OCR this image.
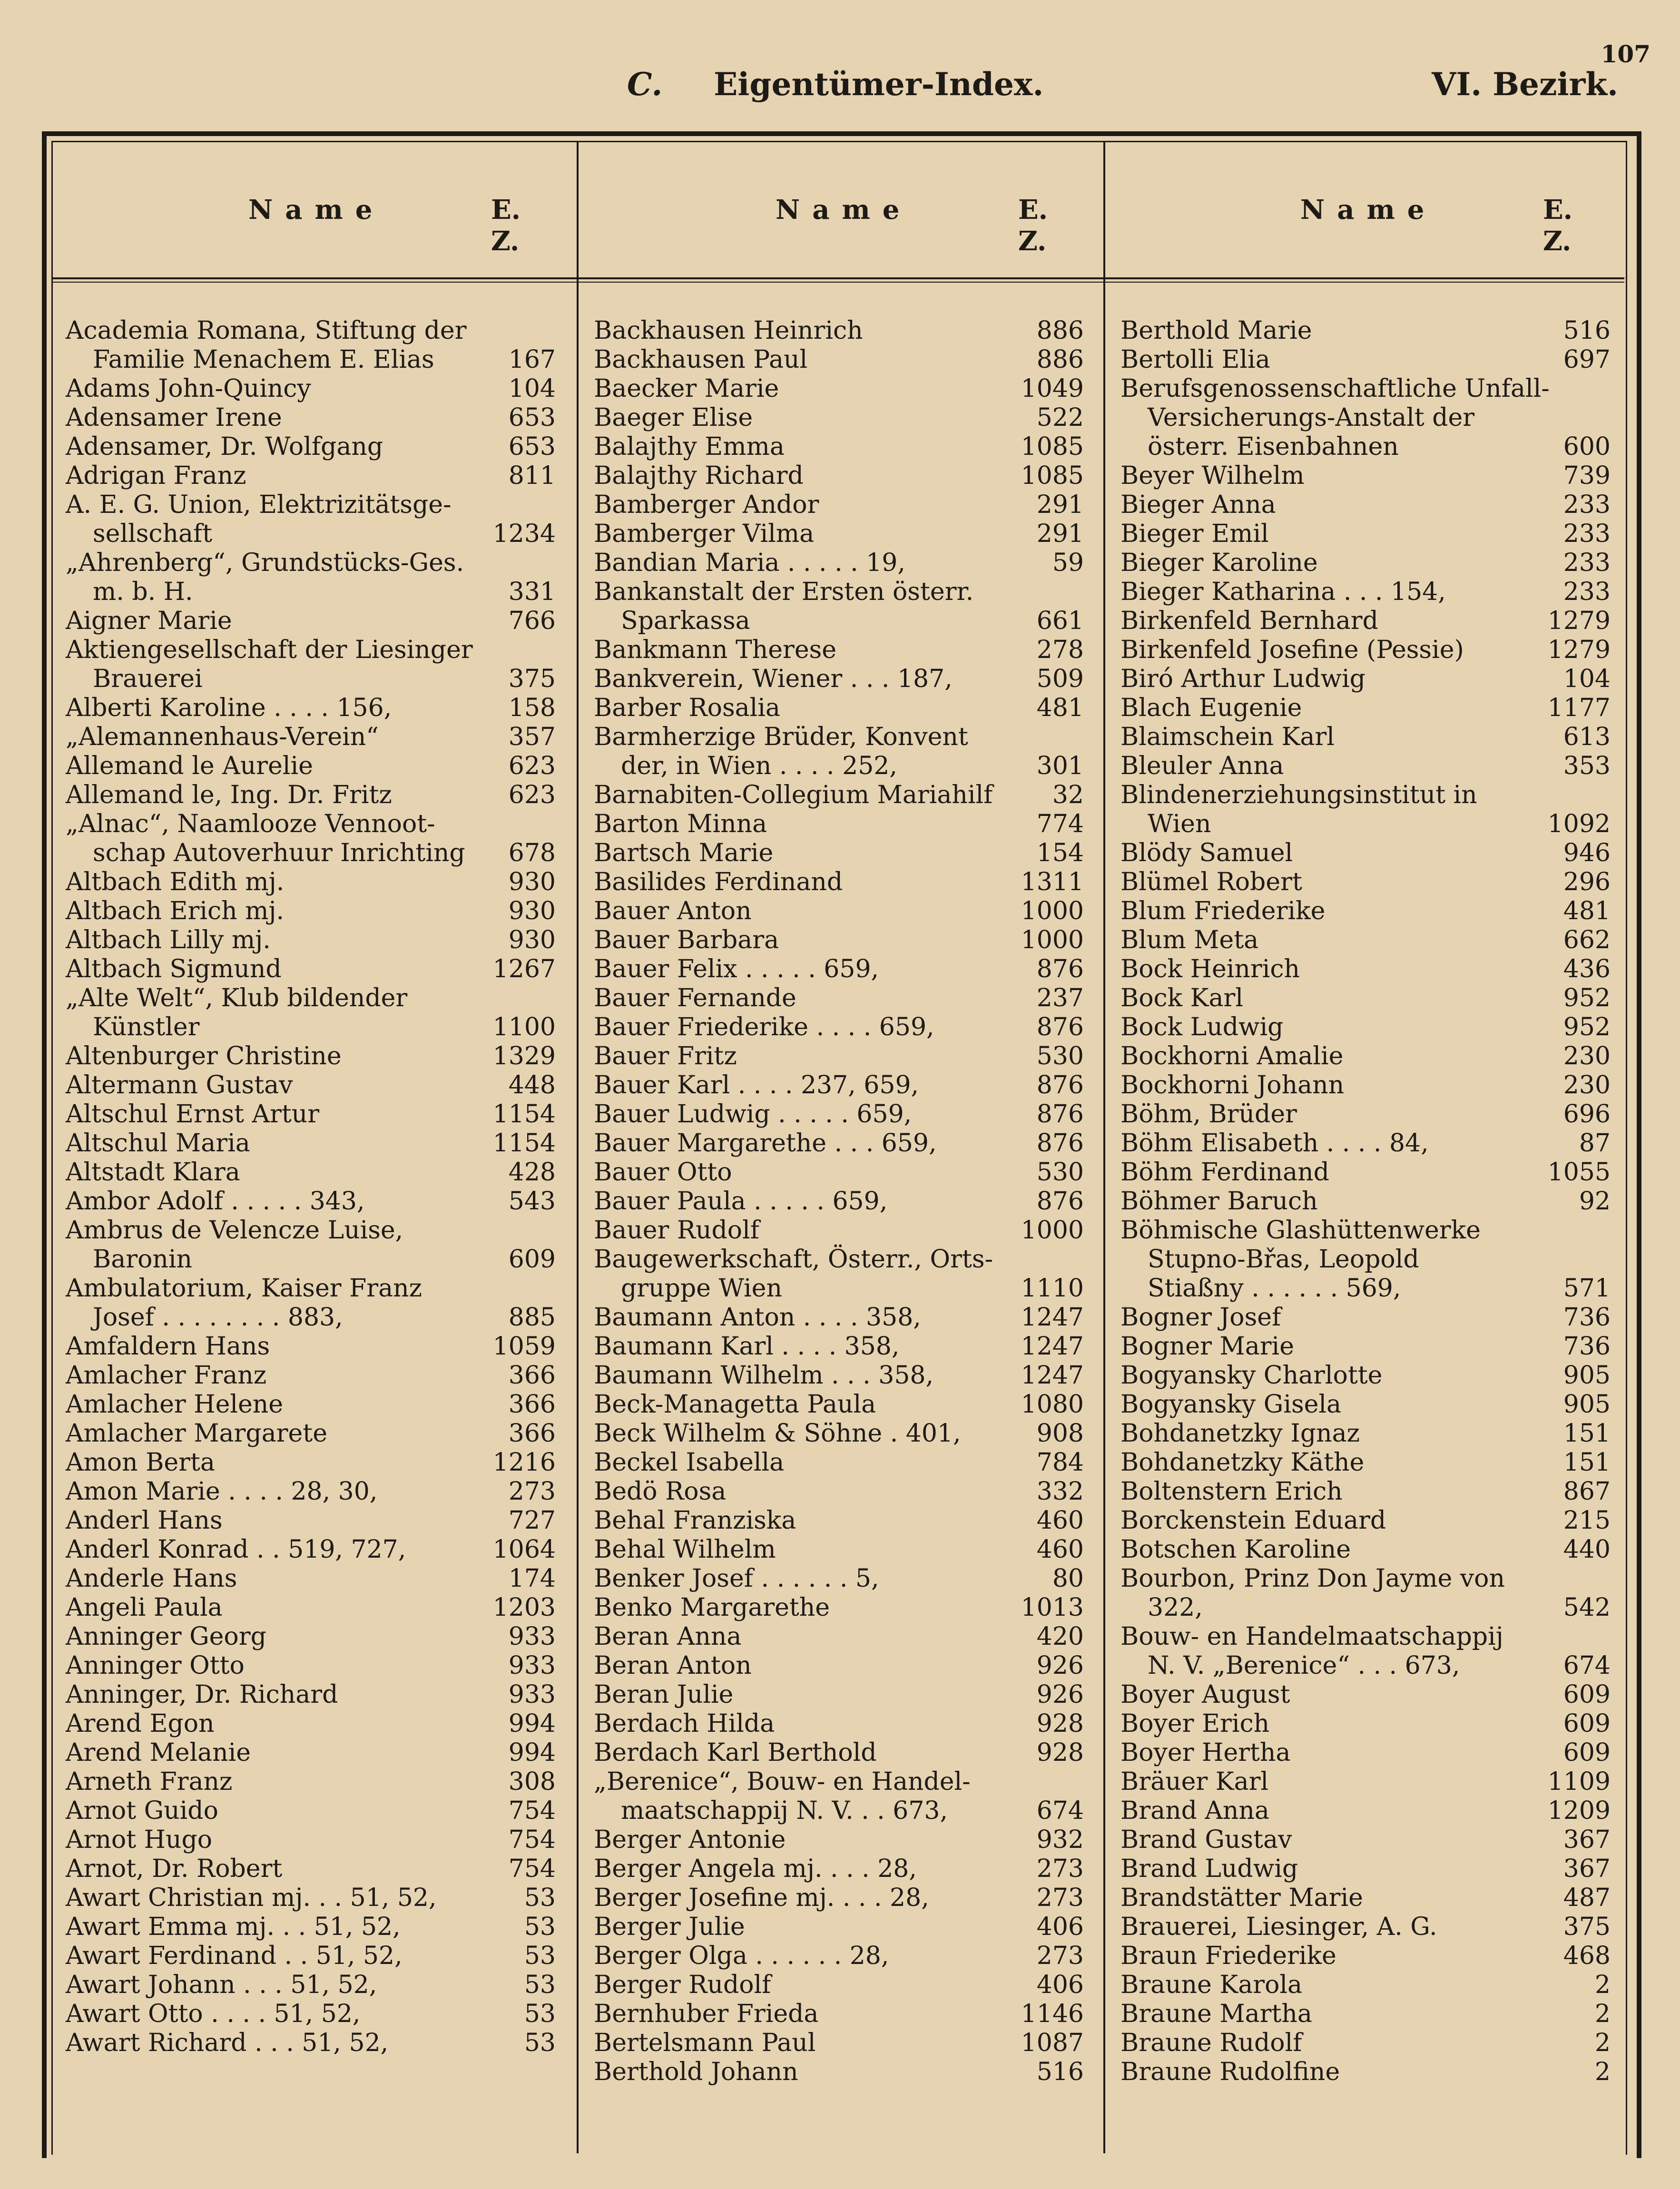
107
C. Eigentümer-Index.	VI. Bezirk.
Name	E. Z.
Name	E. Z.
Name	E. Z.
Academia Romana, Stiftung der
Familie Menachem E. Elias	167
Adams John-Quincy	104
Adensamer Irene	653
Adensamer, Dr. Wolfgang	653
Adrigan Franz	811
A. E. G. Union, Elektrizitätsge-
sellschaft	1234
„Ahrenberg“, Grundstücks-Ges.
m. b. H.	331
Aigner Marie	766
Aktiengesellschaft der Liesinger
Brauerei	375
Alberti Karoline . . . . 156,	158
„Alemannenhaus-Verein“	357
Allemand le Aurelie	623
Allemand le, Ing. Dr. Fritz	623
„Alnac“, Naamlooze Vennoot-
schap Autoverhuur Inrichting 678
Altbach Edith mj.	930
Altbach Erich mj.	930
Altbach Lilly mj.	930
Altbach Sigmund	1267
„Alte Welt“, Klub bildender
Künstler	1100
Altenburger Christine	1329
Altermann Gustav	448
Altschul Ernst Artur	1154
Altschul Maria	1154
Altstadt Klara	428
Ambor Adolf . . . . . 343,	543
Ambrus de Velencze Luise,
Baronin	609
Ambulatorium, Kaiser Franz
Josef . . . . . . . . 883,	885
Amfaldern Hans	1059
Amlacher Franz	366
Amlacher Helene	366
Amlacher Margarete	366
Amon Berta	1216
Amon Marie . . . . 28, 30,	273
Anderl Hans	727
Anderl Konrad . . 519, 727,	1064
Anderle Hans	174
Angeli Paula	1203
Anninger Georg	933
Anninger Otto	933
Anninger, Dr. Richard	933
Arend Egon	994
Arend Melanie	994
Arneth Franz	308
Arnot Guido	754
Arnot Hugo	754
Arnot, Dr. Robert	754
Awart Christian mj. . . 51, 52,	53
Awart Emma mj. . . 51, 52,	53
Awart Ferdinand . . 51, 52,	53
Awart Johann . . . 51, 52,	53
Awart Otto . . . . 51, 52,	53
Awart Richard . . . 51, 52,	53
Backhausen Heinrich	886
Backhausen Paul	886
Baecker Marie	1049
Baeger Elise	522
Balajthy Emma	1085
Balajthy Richard	1085
Bamberger Andor	291
Bamberger Vilma	291
Bandian Maria . . . . . 19,	59
Bankanstalt der Ersten österr.
Sparkassa	661
Bankmann Therese	278
Bankverein, Wiener . . . 187,	509
Barber Rosalia	481
Barmherzige Brüder, Konvent
der, in Wien . . . . 252,	301
Barnabiten-Collegium Mariahilf 32
Barton Minna	774
Bartsch Marie	154
Basilides Ferdinand	1311
Bauer Anton	1000
Bauer Barbara	1000
Bauer Felix . . . . . 659,	876
Bauer Fernande	237
Bauer Friederike . . . . 659,	876
Bauer Fritz	530
Bauer Karl . . . . 237, 659,	876
Bauer Ludwig . . . . . 659,	876
Bauer Margarethe . . . 659,	876
Bauer Otto	530
Bauer Paula . . . . . 659,	876
Bauer Rudolf	1000
Baugewerkschaft, Österr., Orts-
gruppe Wien	1110
Baumann Anton . . . . 358,	1247
Baumann Karl . . . . 358,	1247
Baumann Wilhelm . . . 358,	1247
Beck-Managetta Paula	1080
Beck Wilhelm & Söhne . 401,	908
Beckel Isabella	784
Bedö Rosa	332
Behal Franziska	460
Behal Wilhelm	460
Benker Josef . . . . . . 5,	80
Benko Margarethe	1013
Beran Anna	420
Beran Anton	926
Beran Julie	926
Berdach Hilda	928
Berdach Karl Berthold	928
„Berenice“, Bouw- en Handel-
maatschappij N. V. . . 673,	674
Berger Antonie	932
Berger Angela mj. . . . 28,	273
Berger Josefine mj. . . . 28,	273
Berger Julie	406
Berger Olga . . . . . . 28,	273
Berger Rudolf	406
Bernhuber Frieda	1146
Bertelsmann Paul	1087
Berthold Johann	516
Berthold Marie	516
Bertolli Elia	697
Berufsgenossenschaftliche Unfall-
Versicherungs-Anstalt der
österr. Eisenbahnen	600
Beyer Wilhelm	739
Bieger Anna	233
Bieger Emil	233
Bieger Karoline	233
Bieger Katharina . . . 154,	233
Birkenfeld Bernhard	1279
Birkenfeld Josefine (Pessie)	1279
Biró Arthur Ludwig	104
Blach Eugenie	1177
Blaimschein Karl	613
Bleuler Anna	353
Blindenerziehungsinstitut in
Wien	1092
Blödy Samuel	946
Blümel Robert	296
Blum Friederike	481
Blum Meta	662
Bock Heinrich	436
Bock Karl	952
Bock Ludwig	952
Bockhorni Amalie	230
Bockhorni Johann	230
Böhm, Brüder	696
Böhm Elisabeth . . . . 84,	87
Böhm Ferdinand	1055
Böhmer Baruch	92
Böhmische Glashüttenwerke
Stupno-Břas, Leopold
Stiaßny . . . . . . 569,	571
Bogner Josef	736
Bogner Marie	736
Bogyansky Charlotte	905
Bogyansky Gisela	905
Bohdanetzky Ignaz	151
Bohdanetzky Käthe	151
Boltenstern Erich	867
Borckenstein Eduard	215
Botschen Karoline	440
Bourbon, Prinz Don Jayme von
322,	542
Bouw- en Handelmaatschappij
N. V. „Berenice“ . . . 673,	674
Boyer August	609
Boyer Erich	609
Boyer Hertha	609
Bräuer Karl	1109
Brand Anna	1209
Brand Gustav	367
Brand Ludwig	367
Brandstätter Marie	487
Brauerei, Liesinger, A. G.	375
Braun Friederike	468
Braune Karola	2
Braune Martha	2
Braune Rudolf	2
Braune Rudolfine	2
